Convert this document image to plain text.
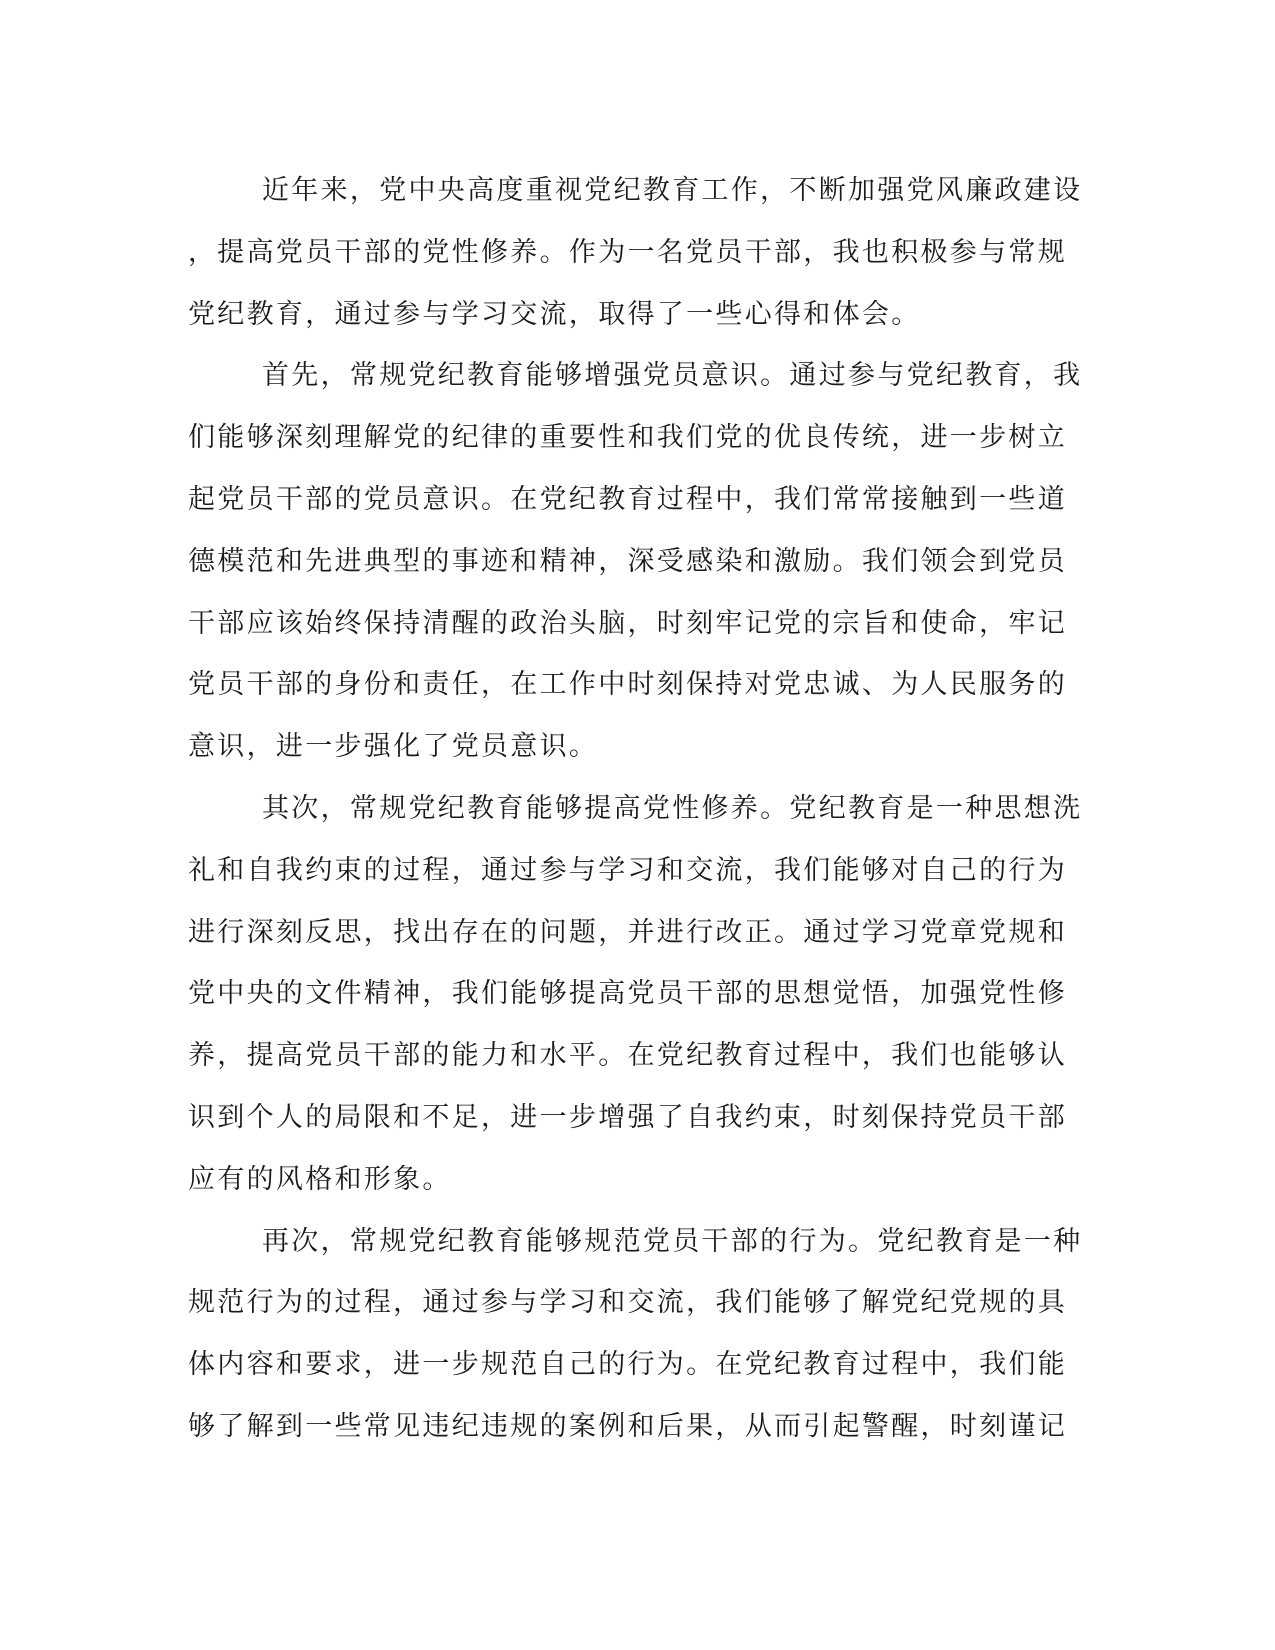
近年来，党中央高度重视党纪教育工作，不断加强党风廉政建设
，提高党员干部的党性修养。作为一名党员干部，我也积极参与常规
党纪教育，通过参与学习交流，取得了一些心得和体会。
首先，常规党纪教育能够增强党员意识。通过参与党纪教育，我
们能够深刻理解党的纪律的重要性和我们党的优良传统，进一步树立
起党员干部的党员意识。在党纪教育过程中，我们常常接触到一些道
德模范和先进典型的事迹和精神，深受感染和激励。我们领会到党员
干部应该始终保持清醒的政治头脑，时刻牢记党的宗旨和使命，牢记
党员干部的身份和责任，在工作中时刻保持对党忠诚、为人民服务的
意识，进一步强化了党员意识。
其次，常规党纪教育能够提高党性修养。党纪教育是一种思想洗
礼和自我约束的过程，通过参与学习和交流，我们能够对自己的行为
进行深刻反思，找出存在的问题，并进行改正。通过学习党章党规和
党中央的文件精神，我们能够提高党员干部的思想觉悟，加强党性修
养，提高党员干部的能力和水平。在党纪教育过程中，我们也能够认
识到个人的局限和不足，进一步增强了自我约束，时刻保持党员干部
应有的风格和形象。
再次，常规党纪教育能够规范党员干部的行为。党纪教育是一种
规范行为的过程，通过参与学习和交流，我们能够了解党纪党规的具
体内容和要求，进一步规范自己的行为。在党纪教育过程中，我们能
够了解到一些常见违纪违规的案例和后果，从而引起警醒，时刻谨记
